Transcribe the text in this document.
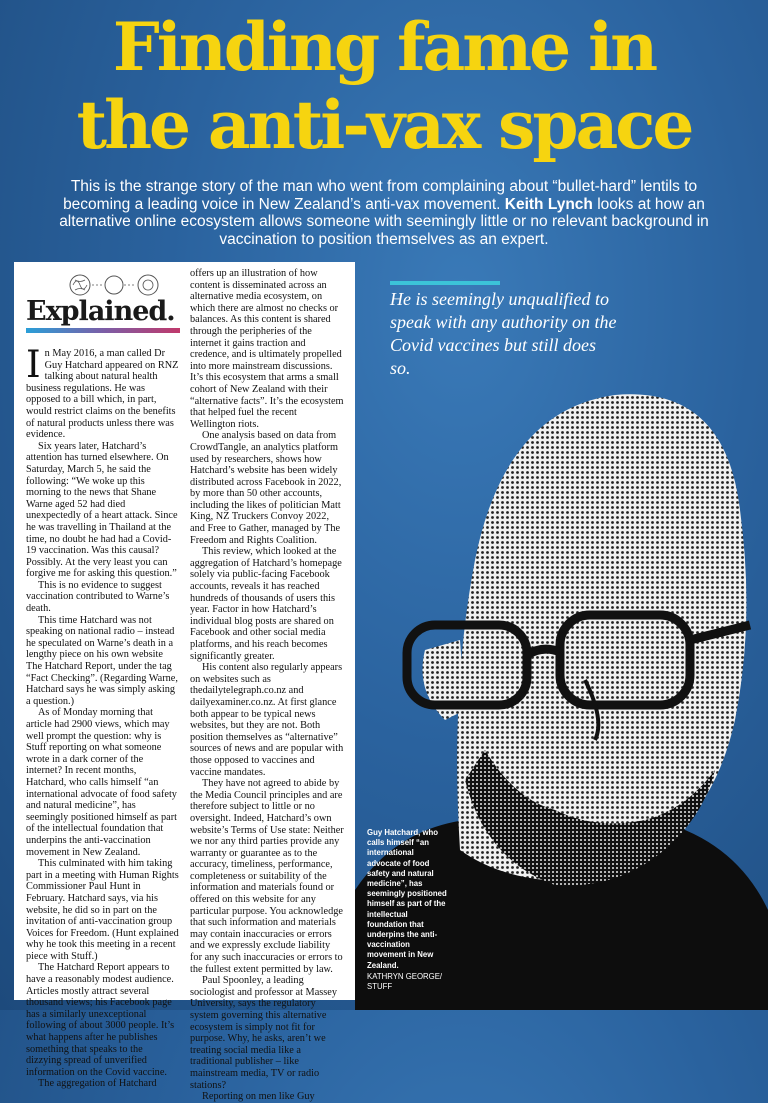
Finding fame in
the anti-vax space
This is the strange story of the man who went from complaining about “bullet-hard” lentils to becoming a leading voice in New Zealand’s anti-vax movement. Keith Lynch looks at how an alternative online ecosystem allows someone with seemingly little or no relevant background in vaccination to position themselves as an expert.
Explained.

In May 2016, a man called Dr Guy Hatchard appeared on RNZ talking about natural health business regulations. He was opposed to a bill which, in part, would restrict claims on the benefits of natural products unless there was evidence.

Six years later, Hatchard’s attention has turned elsewhere. On Saturday, March 5, he said the following: “We woke up this morning to the news that Shane Warne aged 52 had died unexpectedly of a heart attack. Since he was travelling in Thailand at the time, no doubt he had had a Covid-19 vaccination. Was this causal? Possibly. At the very least you can forgive me for asking this question.”

This is no evidence to suggest vaccination contributed to Warne’s death.

This time Hatchard was not speaking on national radio – instead he speculated on Warne’s death in a lengthy piece on his own website The Hatchard Report, under the tag “Fact Checking”. (Regarding Warne, Hatchard says he was simply asking a question.)

As of Monday morning that article had 2900 views, which may well prompt the question: why is Stuff reporting on what someone wrote in a dark corner of the internet? In recent months, Hatchard, who calls himself “an international advocate of food safety and natural medicine”, has seemingly positioned himself as part of the intellectual foundation that underpins the anti-vaccination movement in New Zealand.

This culminated with him taking part in a meeting with Human Rights Commissioner Paul Hunt in February. Hatchard says, via his website, he did so in part on the invitation of anti-vaccination group Voices for Freedom. (Hunt explained why he took this meeting in a recent piece with Stuff.)

The Hatchard Report appears to have a reasonably modest audience. Articles mostly attract several thousand views; his Facebook page has a similarly unexceptional following of about 3000 people. It’s what happens after he publishes something that speaks to the dizzying spread of unverified information on the Covid vaccine.

The aggregation of Hatchard

offers up an illustration of how content is disseminated across an alternative media ecosystem, on which there are almost no checks or balances. As this content is shared through the peripheries of the internet it gains traction and credence, and is ultimately propelled into more mainstream discussions. It’s this ecosystem that arms a small cohort of New Zealand with their “alternative facts”. It’s the ecosystem that helped fuel the recent Wellington riots.

One analysis based on data from CrowdTangle, an analytics platform used by researchers, shows how Hatchard’s website has been widely distributed across Facebook in 2022, by more than 50 other accounts, including the likes of politician Matt King, NZ Truckers Convoy 2022, and Free to Gather, managed by The Freedom and Rights Coalition.

This review, which looked at the aggregation of Hatchard’s homepage solely via public-facing Facebook accounts, reveals it has reached hundreds of thousands of users this year. Factor in how Hatchard’s individual blog posts are shared on Facebook and other social media platforms, and his reach becomes significantly greater.

His content also regularly appears on websites such as thedailytelegraph.co.nz and dailyexaminer.co.nz. At first glance both appear to be typical news websites, but they are not. Both position themselves as “alternative” sources of news and are popular with those opposed to vaccines and vaccine mandates.

They have not agreed to abide by the Media Council principles and are therefore subject to little or no oversight. Indeed, Hatchard’s own website’s Terms of Use state: Neither we nor any third parties provide any warranty or guarantee as to the accuracy, timeliness, performance, completeness or suitability of the information and materials found or offered on this website for any particular purpose. You acknowledge that such information and materials may contain inaccuracies or errors and we expressly exclude liability for any such inaccuracies or errors to the fullest extent permitted by law.

Paul Spoonley, a leading sociologist and professor at Massey University, says the regulatory system governing this alternative ecosystem is simply not fit for purpose. Why, he asks, aren’t we treating social media like a traditional publisher – like mainstream media, TV or radio stations?

Reporting on men like Guy

He is seemingly unqualified to speak with any authority on the Covid vaccines but still does so.
Guy Hatchard, who calls himself “an international advocate of food safety and natural medicine”, has seemingly positioned himself as part of the intellectual foundation that underpins the anti-vaccination movement in New Zealand.
KATHRYN GEORGE/ STUFF
